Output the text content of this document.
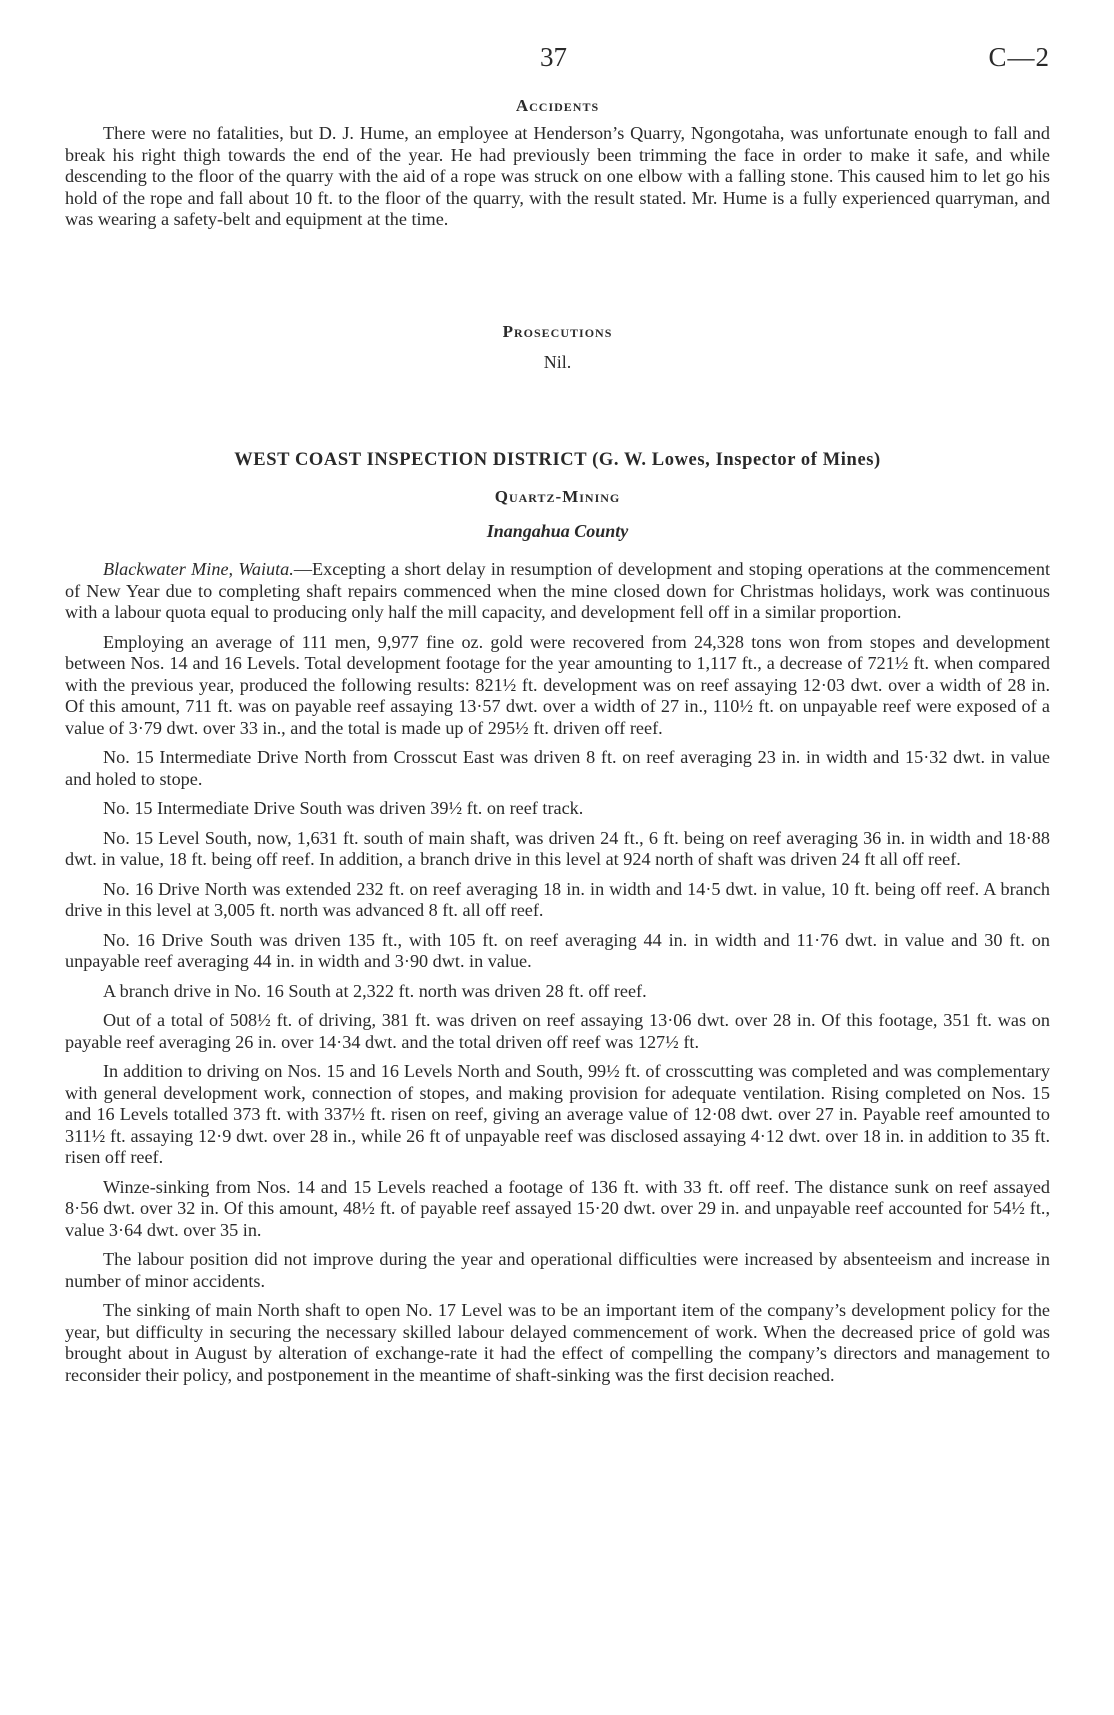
37	C—2
Accidents

There were no fatalities, but D. J. Hume, an employee at Henderson’s Quarry, Ngongotaha, was unfortunate enough to fall and break his right thigh towards the end of the year. He had previously been trimming the face in order to make it safe, and while descending to the floor of the quarry with the aid of a rope was struck on one elbow with a falling stone. This caused him to let go his hold of the rope and fall about 10 ft. to the floor of the quarry, with the result stated. Mr. Hume is a fully experienced quarryman, and was wearing a safety-belt and equipment at the time.

Prosecutions

Nil.

WEST COAST INSPECTION DISTRICT (G. W. Lowes, Inspector of Mines)
Quartz-Mining
Inangahua County

Blackwater Mine, Waiuta.—Excepting a short delay in resumption of development and stoping operations at the commencement of New Year due to completing shaft repairs commenced when the mine closed down for Christmas holidays, work was continuous with a labour quota equal to producing only half the mill capacity, and development fell off in a similar proportion.

Employing an average of 111 men, 9,977 fine oz. gold were recovered from 24,328 tons won from stopes and development between Nos. 14 and 16 Levels. Total development footage for the year amounting to 1,117 ft., a decrease of 721½ ft. when compared with the previous year, produced the following results: 821½ ft. development was on reef assaying 12·03 dwt. over a width of 28 in. Of this amount, 711 ft. was on payable reef assaying 13·57 dwt. over a width of 27 in., 110½ ft. on unpayable reef were exposed of a value of 3·79 dwt. over 33 in., and the total is made up of 295½ ft. driven off reef.

No. 15 Intermediate Drive North from Crosscut East was driven 8 ft. on reef averaging 23 in. in width and 15·32 dwt. in value and holed to stope.

No. 15 Intermediate Drive South was driven 39½ ft. on reef track.

No. 15 Level South, now, 1,631 ft. south of main shaft, was driven 24 ft., 6 ft. being on reef averaging 36 in. in width and 18·88 dwt. in value, 18 ft. being off reef. In addition, a branch drive in this level at 924 north of shaft was driven 24 ft all off reef.

No. 16 Drive North was extended 232 ft. on reef averaging 18 in. in width and 14·5 dwt. in value, 10 ft. being off reef. A branch drive in this level at 3,005 ft. north was advanced 8 ft. all off reef.

No. 16 Drive South was driven 135 ft., with 105 ft. on reef averaging 44 in. in width and 11·76 dwt. in value and 30 ft. on unpayable reef averaging 44 in. in width and 3·90 dwt. in value.

A branch drive in No. 16 South at 2,322 ft. north was driven 28 ft. off reef.

Out of a total of 508½ ft. of driving, 381 ft. was driven on reef assaying 13·06 dwt. over 28 in. Of this footage, 351 ft. was on payable reef averaging 26 in. over 14·34 dwt. and the total driven off reef was 127½ ft.

In addition to driving on Nos. 15 and 16 Levels North and South, 99½ ft. of crosscutting was completed and was complementary with general development work, connection of stopes, and making provision for adequate ventilation. Rising completed on Nos. 15 and 16 Levels totalled 373 ft. with 337½ ft. risen on reef, giving an average value of 12·08 dwt. over 27 in. Payable reef amounted to 311½ ft. assaying 12·9 dwt. over 28 in., while 26 ft of unpayable reef was disclosed assaying 4·12 dwt. over 18 in. in addition to 35 ft. risen off reef.

Winze-sinking from Nos. 14 and 15 Levels reached a footage of 136 ft. with 33 ft. off reef. The distance sunk on reef assayed 8·56 dwt. over 32 in. Of this amount, 48½ ft. of payable reef assayed 15·20 dwt. over 29 in. and unpayable reef accounted for 54½ ft., value 3·64 dwt. over 35 in.

The labour position did not improve during the year and operational difficulties were increased by absenteeism and increase in number of minor accidents.

The sinking of main North shaft to open No. 17 Level was to be an important item of the company’s development policy for the year, but difficulty in securing the necessary skilled labour delayed commencement of work. When the decreased price of gold was brought about in August by alteration of exchange-rate it had the effect of compelling the company’s directors and management to reconsider their policy, and postponement in the meantime of shaft-sinking was the first decision reached.
